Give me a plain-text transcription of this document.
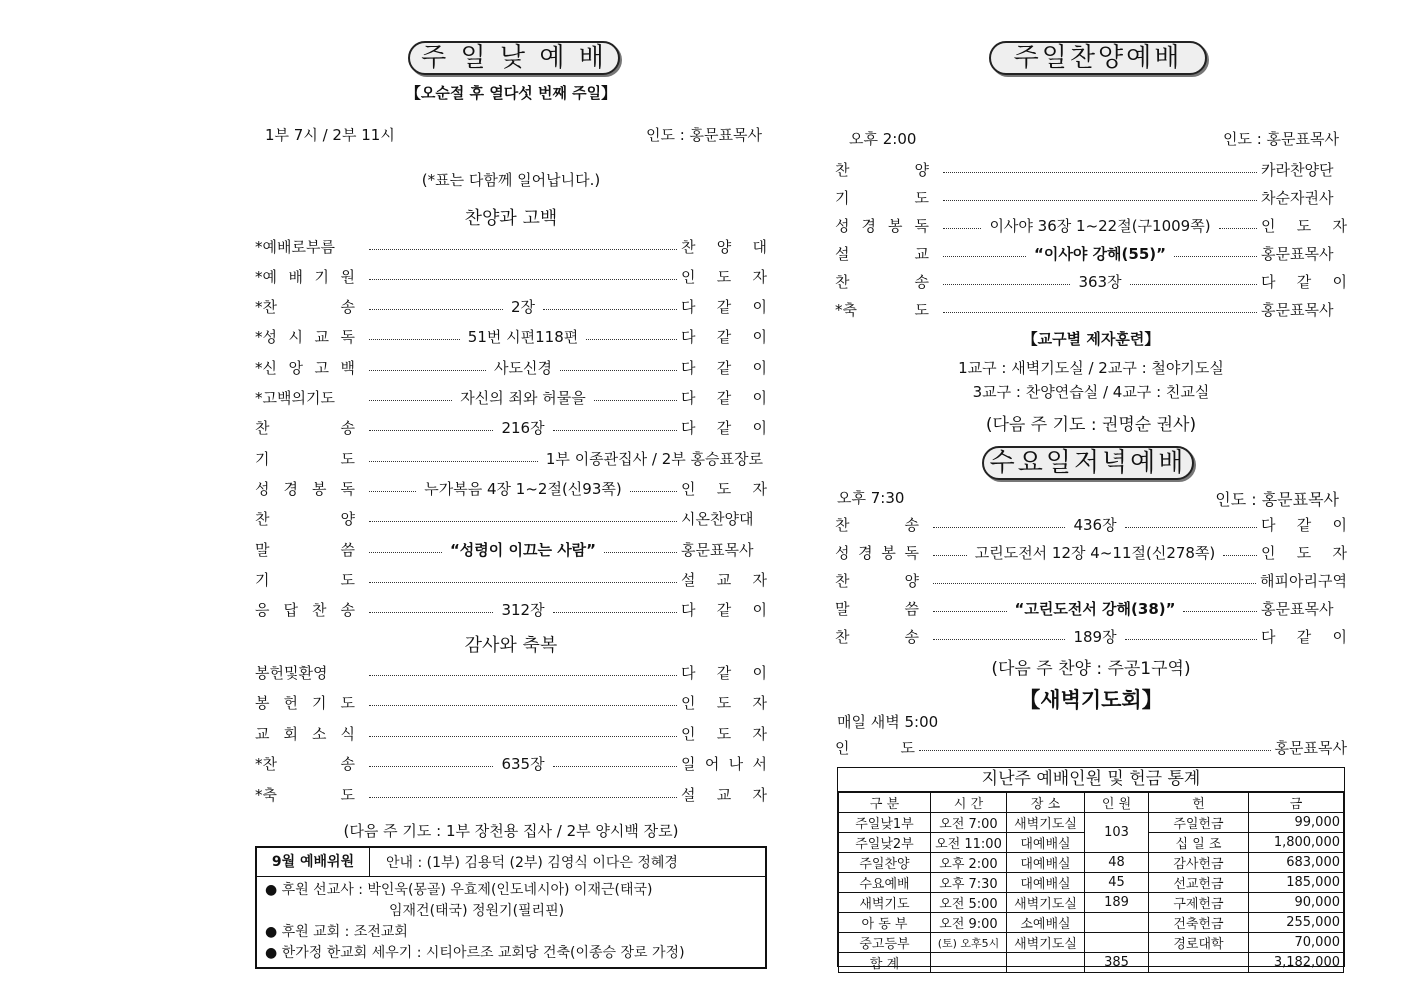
주 일 낮 예 배
【오순절 후 열다섯 번째 주일】
1부 7시 / 2부 11시	인도 : 홍문표목사
(*표는 다함께 일어납니다.)
찬양과 고백
*예배로부름	찬 양 대
*예 배 기 원	인 도 자
*찬 송	2장	다 같 이
*성 시 교 독	51번 시편118편	다 같 이
*신 앙 고 백	사도신경	다 같 이
*고백의기도	자신의 죄와 허물을	다 같 이
찬 송	216장	다 같 이
기 도	1부 이종관집사 / 2부 홍승표장로
성 경 봉 독	누가복음 4장 1~2절(신93쪽)	인 도 자
찬 양	시온찬양대
말 씀	“성령이 이끄는 사람”	홍문표목사
기 도	설 교 자
응 답 찬 송	312장	다 같 이
감사와 축복
봉헌및환영	다 같 이
봉 헌 기 도	인 도 자
교 회 소 식	인 도 자
*찬 송	635장	일 어 나 서
*축 도	설 교 자
(다음 주 기도 : 1부 장천용 집사 / 2부 양시백 장로)
9월 예배위원	안내 : (1부) 김용덕 (2부) 김영식 이다은 정혜경
● 후원 선교사 :
박인욱(몽골) 우효제(인도네시아) 이재근(태국)
임재건(태국) 정원기(필리핀)
● 후원 교회 : 조전교회
● 한가정 한교회 세우기 : 시티아르조 교회당 건축(이종승 장로 가정)
주일찬양예배
오후 2:00	인도 : 홍문표목사
찬 양	카라찬양단
기 도	차순자권사
성 경 봉 독	이사야 36장 1~22절(구1009쪽)	인 도 자
설 교	“이사야 강해(55)”	홍문표목사
찬 송	363장	다 같 이
*축 도	홍문표목사
【교구별 제자훈련】
1교구 : 새벽기도실 / 2교구 : 철야기도실
3교구 : 찬양연습실 / 4교구 : 친교실
(다음 주 기도 : 권명순 권사)
수요일저녁예배
오후 7:30	인도 : 홍문표목사
찬 송	436장	다 같 이
성 경 봉 독	고린도전서 12장 4~11절(신278쪽)	인 도 자
찬 양	해피아리구역
말 씀	“고린도전서 강해(38)”	홍문표목사
찬 송	189장	다 같 이
(다음 주 찬양 : 주공1구역)
【새벽기도회】
매일 새벽 5:00
인 도	홍문표목사
지난주 예배인원 및 헌금 통계
구 분	시 간	장 소	인 원	헌	금
주일낮1부	오전 7:00	새벽기도실	103	주일헌금	99,000
주일낮2부	오전 11:00	대예배실		십 일 조	1,800,000
주일찬양	오후 2:00	대예배실	48	감사헌금	683,000
수요예배	오후 7:30	대예배실	45	선교헌금	185,000
새벽기도	오전 5:00	새벽기도실	189	구제헌금	90,000
아 동 부	오전 9:00	소예배실		건축헌금	255,000
중고등부	(토) 오후5시	새벽기도실		경로대학	70,000
합 계			385		3,182,000
